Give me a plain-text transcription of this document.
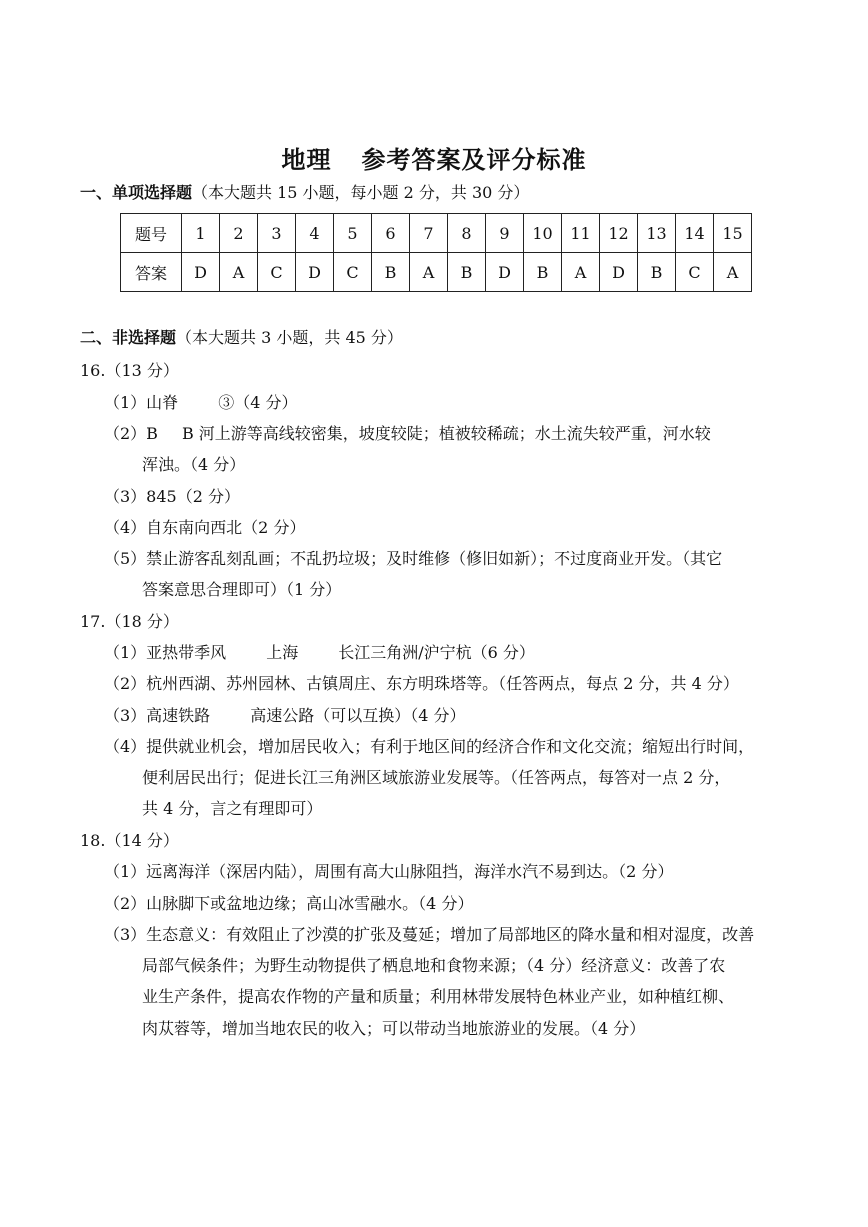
地理 参考答案及评分标准
一、单项选择题（本大题共 15 小题，每小题 2 分，共 30 分）
题号	1	2	3	4	5	6	7	8	9	10	11	12	13	14	15
答案	D	A	C	D	C	B	A	B	D	B	A	D	B	C	A
二、非选择题（本大题共 3 小题，共 45 分）
16.（13 分）
（1）山脊	③（4 分）
（2）B B 河上游等高线较密集，坡度较陡；植被较稀疏；水土流失较严重，河水较
浑浊。（4 分）
（3）845（2 分）
（4）自东南向西北（2 分）
（5）禁止游客乱刻乱画；不乱扔垃圾；及时维修（修旧如新）；不过度商业开发。（其它
答案意思合理即可）（1 分）
17.（18 分）
（1）亚热带季风	上海	长江三角洲/沪宁杭（6 分）
（2）杭州西湖、苏州园林、古镇周庄、东方明珠塔等。（任答两点，每点 2 分，共 4 分）
（3）高速铁路	高速公路（可以互换）（4 分）
（4）提供就业机会，增加居民收入；有利于地区间的经济合作和文化交流；缩短出行时间，
便利居民出行；促进长江三角洲区域旅游业发展等。（任答两点，每答对一点 2 分，
共 4 分，言之有理即可）
18.（14 分）
（1）远离海洋（深居内陆），周围有高大山脉阻挡，海洋水汽不易到达。（2 分）
（2）山脉脚下或盆地边缘；高山冰雪融水。（4 分）
（3）生态意义：有效阻止了沙漠的扩张及蔓延；增加了局部地区的降水量和相对湿度，改善
局部气候条件；为野生动物提供了栖息地和食物来源；（4 分）经济意义：改善了农
业生产条件，提高农作物的产量和质量；利用林带发展特色林业产业，如种植红柳、
肉苁蓉等，增加当地农民的收入；可以带动当地旅游业的发展。（4 分）
